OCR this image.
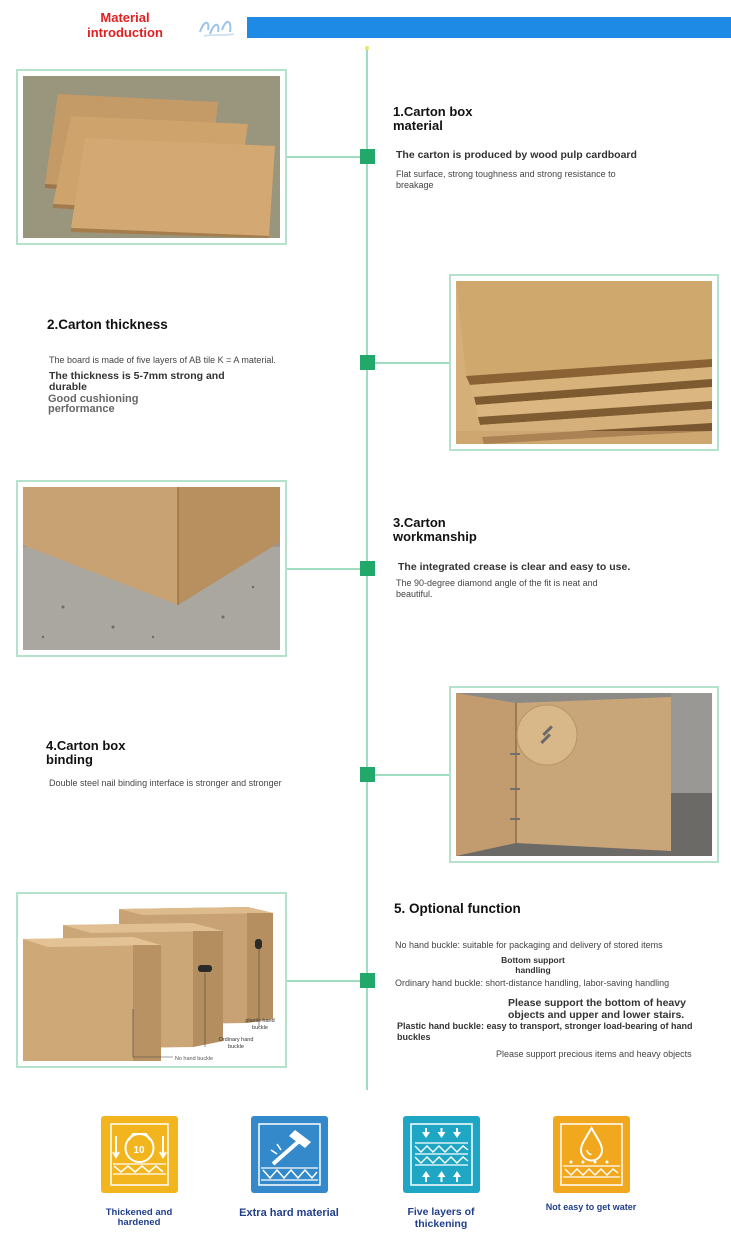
Material introduction
1.Carton box material
The carton is produced by wood pulp cardboard
Flat surface, strong toughness and strong resistance to breakage
2.Carton thickness
The board is made of five layers of AB tile K = A material.
The thickness is 5-7mm strong and durable
Good cushioning performance
3.Carton workmanship
The integrated crease is clear and easy to use.
The 90-degree diamond angle of the fit is neat and beautiful.
4.Carton box binding
Double steel nail binding interface is stronger and stronger
plastic hand buckle
Ordinary hand buckle
No hand buckle
5. Optional function
No hand buckle: suitable for packaging and delivery of stored items
Bottom support handling
Ordinary hand buckle: short-distance handling, labor-saving handling
Please support the bottom of heavy objects and upper and lower stairs.
Plastic hand buckle: easy to transport, stronger load-bearing of hand buckles
Please support precious items and heavy objects
10
Thickened and hardened
Extra hard material	Five layers of thickening
Not easy to get water
